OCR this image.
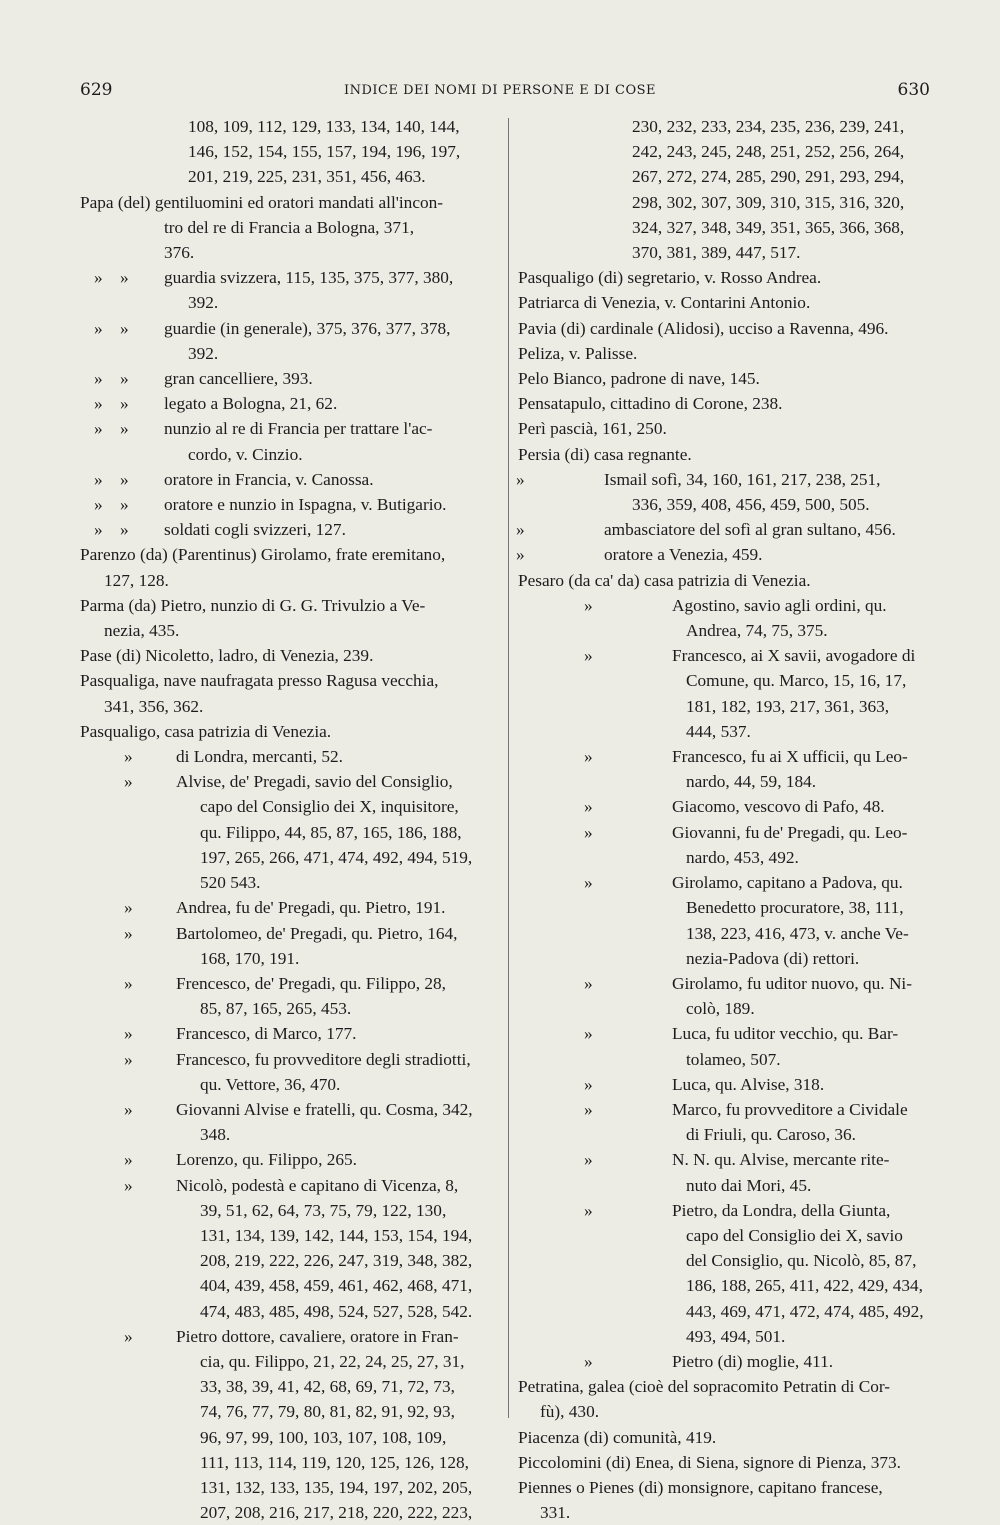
629	INDICE DEI NOMI DI PERSONE E DI COSE	630
108, 109, 112, 129, 133, 134, 140, 144,
146, 152, 154, 155, 157, 194, 196, 197,
201, 219, 225, 231, 351, 456, 463.
Papa (del) gentiluomini ed oratori mandati all'incon-
tro del re di Francia a Bologna, 371,
376.
» »	guardia svizzera, 115, 135, 375, 377, 380,
392.
» »	guardie (in generale), 375, 376, 377, 378,
392.
» »	gran cancelliere, 393.
» »	legato a Bologna, 21, 62.
» »	nunzio al re di Francia per trattare l'ac-
cordo, v. Cinzio.
» »	oratore in Francia, v. Canossa.
» »	oratore e nunzio in Ispagna, v. Butigario.
» »	soldati cogli svizzeri, 127.
Parenzo (da) (Parentinus) Girolamo, frate eremitano,
127, 128.
Parma (da) Pietro, nunzio di G. G. Trivulzio a Ve-
nezia, 435.
Pase (di) Nicoletto, ladro, di Venezia, 239.
Pasqualiga, nave naufragata presso Ragusa vecchia,
341, 356, 362.
Pasqualigo, casa patrizia di Venezia.
»	di Londra, mercanti, 52.
»	Alvise, de' Pregadi, savio del Consiglio,
capo del Consiglio dei X, inquisitore,
qu. Filippo, 44, 85, 87, 165, 186, 188,
197, 265, 266, 471, 474, 492, 494, 519,
520 543.
»	Andrea, fu de' Pregadi, qu. Pietro, 191.
»	Bartolomeo, de' Pregadi, qu. Pietro, 164,
168, 170, 191.
»	Frencesco, de' Pregadi, qu. Filippo, 28,
85, 87, 165, 265, 453.
»	Francesco, di Marco, 177.
»	Francesco, fu provveditore degli stradiotti,
qu. Vettore, 36, 470.
»	Giovanni Alvise e fratelli, qu. Cosma, 342,
348.
»	Lorenzo, qu. Filippo, 265.
»	Nicolò, podestà e capitano di Vicenza, 8,
39, 51, 62, 64, 73, 75, 79, 122, 130,
131, 134, 139, 142, 144, 153, 154, 194,
208, 219, 222, 226, 247, 319, 348, 382,
404, 439, 458, 459, 461, 462, 468, 471,
474, 483, 485, 498, 524, 527, 528, 542.
»	Pietro dottore, cavaliere, oratore in Fran-
cia, qu. Filippo, 21, 22, 24, 25, 27, 31,
33, 38, 39, 41, 42, 68, 69, 71, 72, 73,
74, 76, 77, 79, 80, 81, 82, 91, 92, 93,
96, 97, 99, 100, 103, 107, 108, 109,
111, 113, 114, 119, 120, 125, 126, 128,
131, 132, 133, 135, 194, 197, 202, 205,
207, 208, 216, 217, 218, 220, 222, 223,
230, 232, 233, 234, 235, 236, 239, 241,
242, 243, 245, 248, 251, 252, 256, 264,
267, 272, 274, 285, 290, 291, 293, 294,
298, 302, 307, 309, 310, 315, 316, 320,
324, 327, 348, 349, 351, 365, 366, 368,
370, 381, 389, 447, 517.
Pasqualigo (di) segretario, v. Rosso Andrea.
Patriarca di Venezia, v. Contarini Antonio.
Pavia (di) cardinale (Alidosi), ucciso a Ravenna, 496.
Peliza, v. Palisse.
Pelo Bianco, padrone di nave, 145.
Pensatapulo, cittadino di Corone, 238.
Perì pascià, 161, 250.
Persia (di) casa regnante.
»	Ismail sofì, 34, 160, 161, 217, 238, 251,
336, 359, 408, 456, 459, 500, 505.
»	ambasciatore del sofì al gran sultano, 456.
»	oratore a Venezia, 459.
Pesaro (da ca' da) casa patrizia di Venezia.
»	Agostino, savio agli ordini, qu.
Andrea, 74, 75, 375.
»	Francesco, ai X savii, avogadore di
Comune, qu. Marco, 15, 16, 17,
181, 182, 193, 217, 361, 363,
444, 537.
»	Francesco, fu ai X ufficii, qu Leo-
nardo, 44, 59, 184.
»	Giacomo, vescovo di Pafo, 48.
»	Giovanni, fu de' Pregadi, qu. Leo-
nardo, 453, 492.
»	Girolamo, capitano a Padova, qu.
Benedetto procuratore, 38, 111,
138, 223, 416, 473, v. anche Ve-
nezia-Padova (di) rettori.
»	Girolamo, fu uditor nuovo, qu. Ni-
colò, 189.
»	Luca, fu uditor vecchio, qu. Bar-
tolameo, 507.
»	Luca, qu. Alvise, 318.
»	Marco, fu provveditore a Cividale
di Friuli, qu. Caroso, 36.
»	N. N. qu. Alvise, mercante rite-
nuto dai Mori, 45.
»	Pietro, da Londra, della Giunta,
capo del Consiglio dei X, savio
del Consiglio, qu. Nicolò, 85, 87,
186, 188, 265, 411, 422, 429, 434,
443, 469, 471, 472, 474, 485, 492,
493, 494, 501.
»	Pietro (di) moglie, 411.
Petratina, galea (cioè del sopracomito Petratin di Cor-
fù), 430.
Piacenza (di) comunità, 419.
Piccolomini (di) Enea, di Siena, signore di Pienza, 373.
Piennes o Pienes (di) monsignore, capitano francese,
331.
